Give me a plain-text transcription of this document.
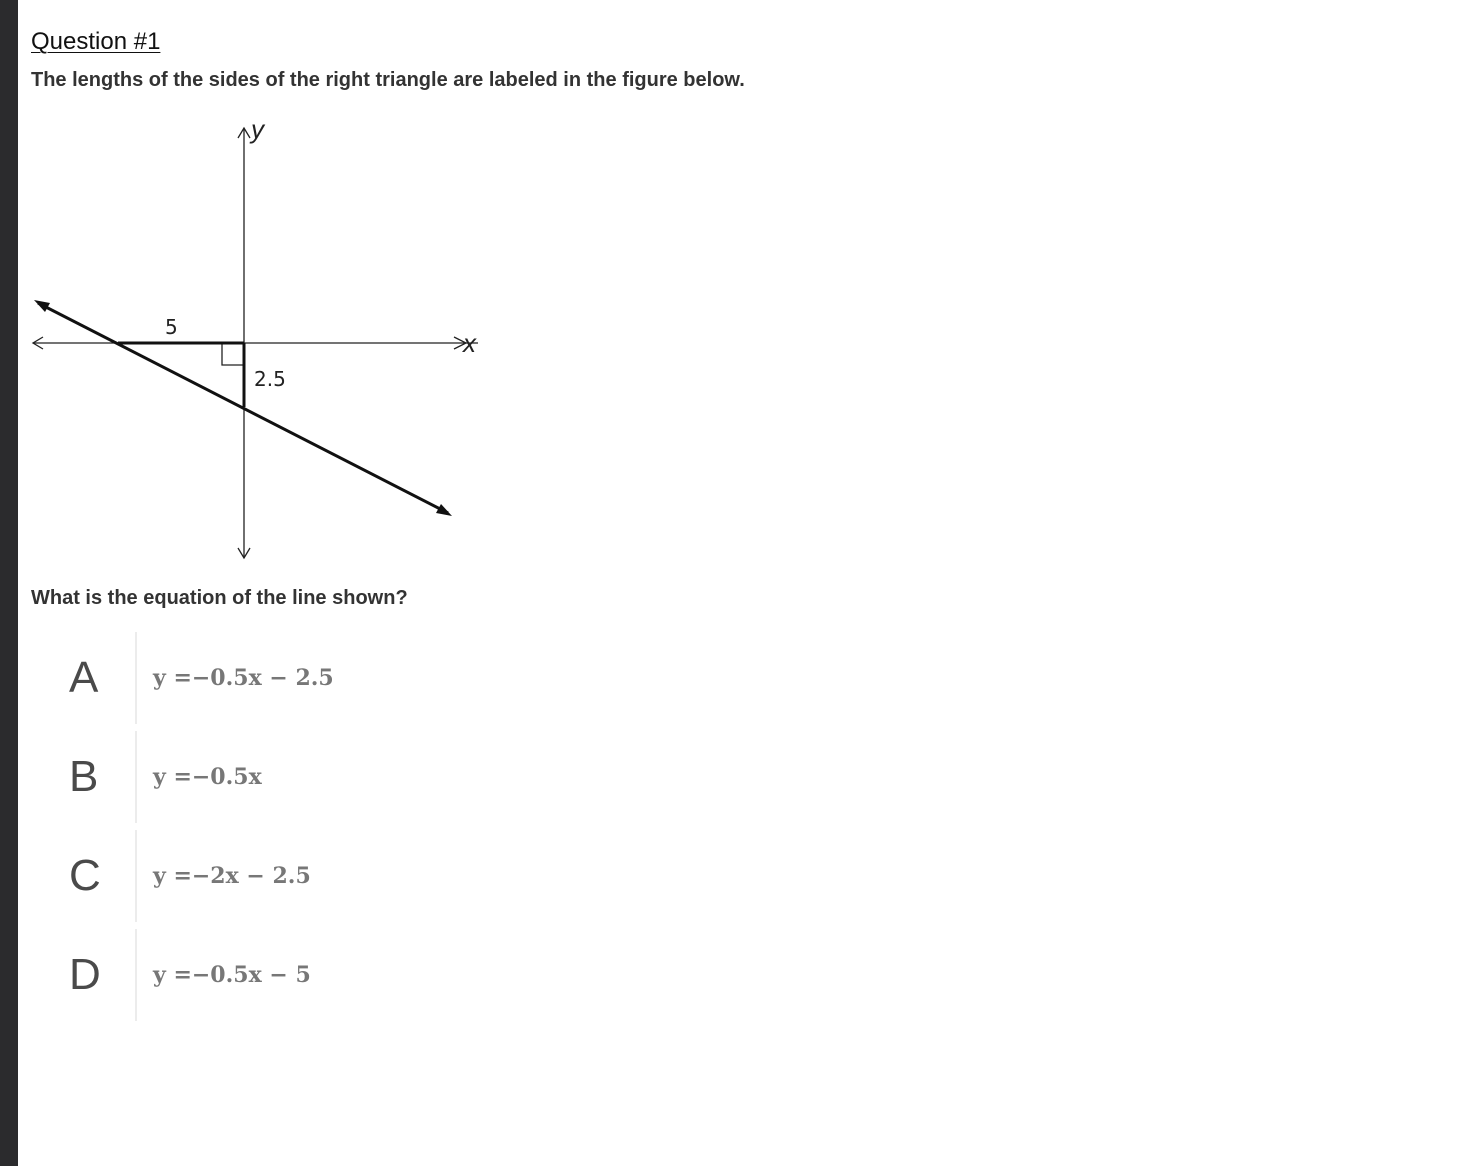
Question #1
The lengths of the sides of the right triangle are labeled in the figure below.
y
x
5
2.5
What is the equation of the line shown?
A y =−0.5x − 2.5
B y =−0.5x
C y =−2x − 2.5
D y =−0.5x − 5
